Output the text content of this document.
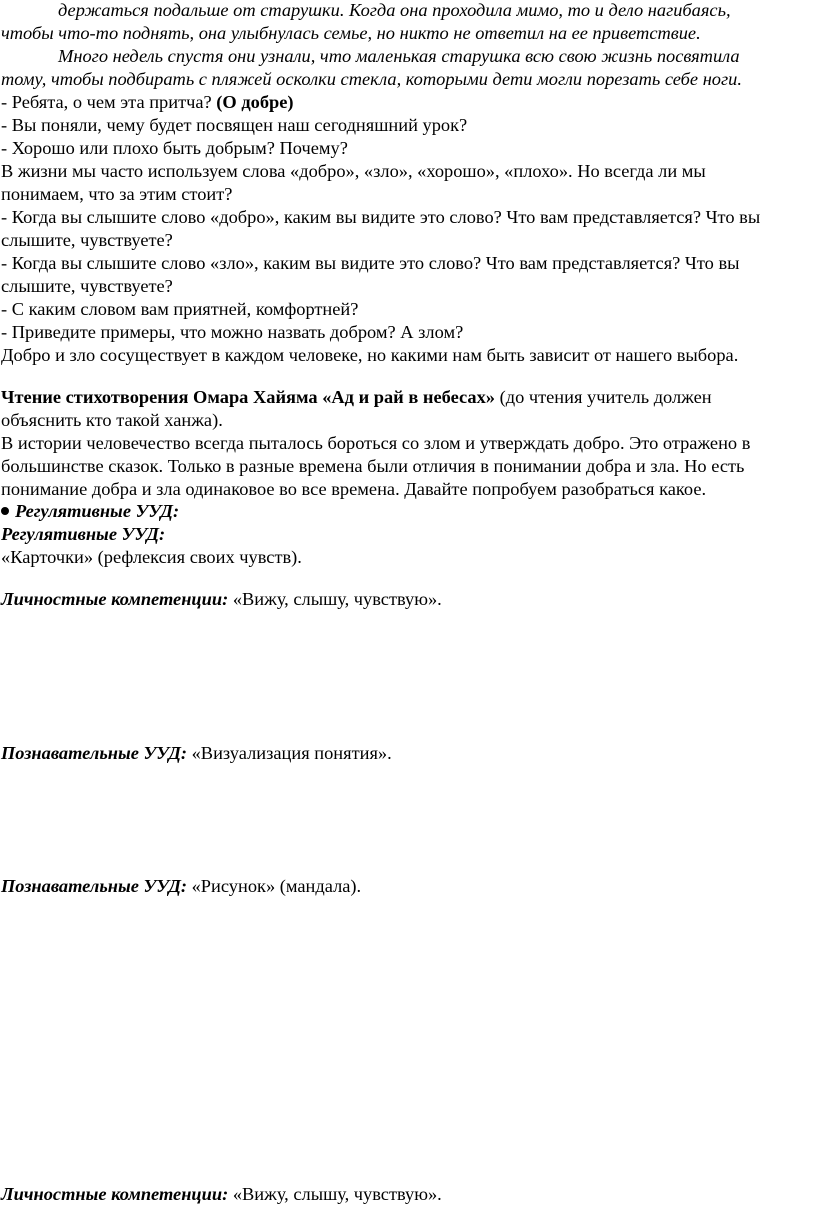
держаться подальше от старушки. Когда она проходила мимо, то и дело нагибаясь,
чтобы что-то поднять, она улыбнулась семье, но никто не ответил на ее приветствие.
Много недель спустя они узнали, что маленькая старушка всю свою жизнь посвятила
тому, чтобы подбирать с пляжей осколки стекла, которыми дети могли порезать себе ноги.
- Ребята, о чем эта притча? (О добре)
- Вы поняли, чему будет посвящен наш сегодняшний урок?
- Хорошо или плохо быть добрым? Почему?
В жизни мы часто используем слова «добро», «зло», «хорошо», «плохо». Но всегда ли мы
понимаем, что за этим стоит?
- Когда вы слышите слово «добро», каким вы видите это слово? Что вам представляется? Что вы
слышите, чувствуете?
- Когда вы слышите слово «зло», каким вы видите это слово? Что вам представляется? Что вы
слышите, чувствуете?
- С каким словом вам приятней, комфортней?
- Приведите примеры, что можно назвать добром? А злом?
Добро и зло сосуществует в каждом человеке, но какими нам быть зависит от нашего выбора.
Чтение стихотворения Омара Хайяма «Ад и рай в небесах» (до чтения учитель должен
объяснить кто такой ханжа).
В истории человечество всегда пыталось бороться со злом и утверждать добро. Это отражено в
большинстве сказок. Только в разные времена были отличия в понимании добра и зла. Но есть
понимание добра и зла одинаковое во все времена. Давайте попробуем разобраться какое.
Регулятивные УУД:
Регулятивные УУД:
«Карточки» (рефлексия своих чувств).
Личностные компетенции: «Вижу, слышу, чувствую».
Познавательные УУД: «Визуализация понятия».
Познавательные УУД: «Рисунок» (мандала).
Личностные компетенции: «Вижу, слышу, чувствую».
